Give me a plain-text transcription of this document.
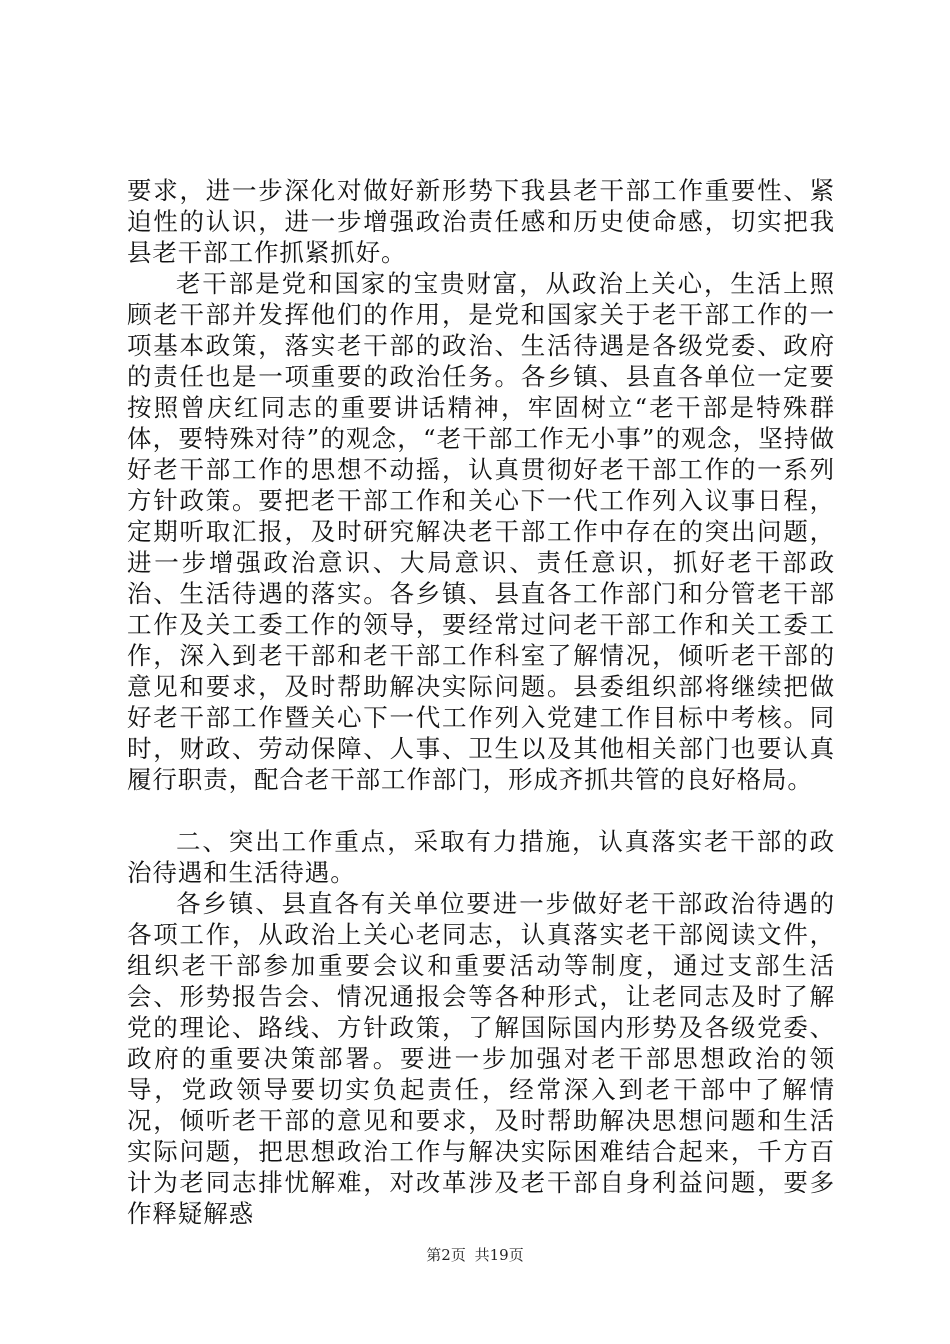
要求，进一步深化对做好新形势下我县老干部工作重要性、紧迫性的认识，进一步增强政治责任感和历史使命感，切实把我县老干部工作抓紧抓好。

老干部是党和国家的宝贵财富，从政治上关心，生活上照顾老干部并发挥他们的作用，是党和国家关于老干部工作的一项基本政策，落实老干部的政治、生活待遇是各级党委、政府的责任也是一项重要的政治任务。各乡镇、县直各单位一定要按照曾庆红同志的重要讲话精神，牢固树立“老干部是特殊群体，要特殊对待”的观念，“老干部工作无小事”的观念，坚持做好老干部工作的思想不动摇，认真贯彻好老干部工作的一系列方针政策。要把老干部工作和关心下一代工作列入议事日程，定期听取汇报，及时研究解决老干部工作中存在的突出问题，进一步增强政治意识、大局意识、责任意识，抓好老干部政治、生活待遇的落实。各乡镇、县直各工作部门和分管老干部工作及关工委工作的领导，要经常过问老干部工作和关工委工作，深入到老干部和老干部工作科室了解情况，倾听老干部的意见和要求，及时帮助解决实际问题。县委组织部将继续把做好老干部工作暨关心下一代工作列入党建工作目标中考核。同时，财政、劳动保障、人事、卫生以及其他相关部门也要认真履行职责，配合老干部工作部门，形成齐抓共管的良好格局。

二、突出工作重点，采取有力措施，认真落实老干部的政治待遇和生活待遇。

各乡镇、县直各有关单位要进一步做好老干部政治待遇的各项工作，从政治上关心老同志，认真落实老干部阅读文件，组织老干部参加重要会议和重要活动等制度，通过支部生活会、形势报告会、情况通报会等各种形式，让老同志及时了解党的理论、路线、方针政策，了解国际国内形势及各级党委、政府的重要决策部署。要进一步加强对老干部思想政治的领导，党政领导要切实负起责任，经常深入到老干部中了解情况，倾听老干部的意见和要求，及时帮助解决思想问题和生活实际问题，把思想政治工作与解决实际困难结合起来，千方百计为老同志排忧解难，对改革涉及老干部自身利益问题，要多作释疑解惑

第2页 共19页
